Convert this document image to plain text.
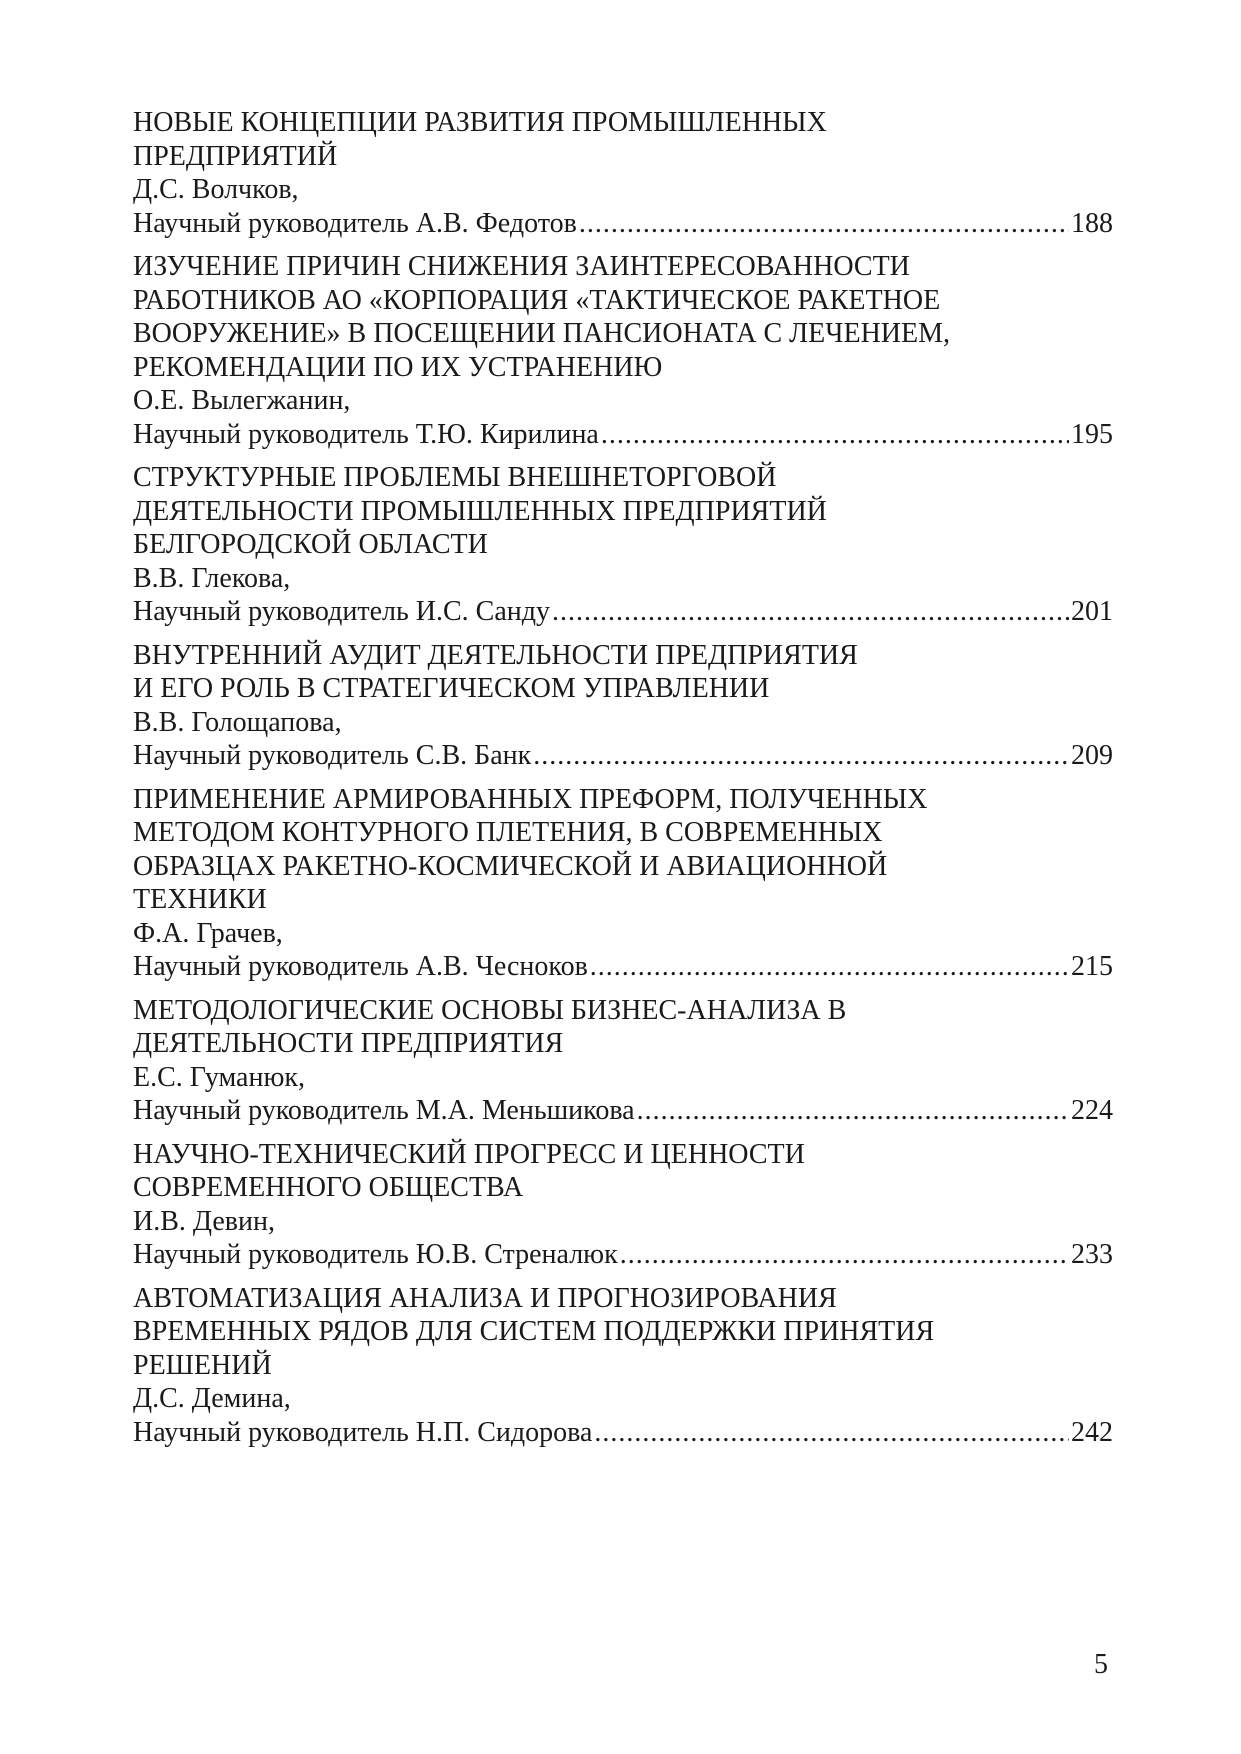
НОВЫЕ КОНЦЕПЦИИ РАЗВИТИЯ ПРОМЫШЛЕННЫХ
ПРЕДПРИЯТИЙ
Д.С. Волчков,
Научный руководитель А.В. Федотов .....	188
ИЗУЧЕНИЕ ПРИЧИН СНИЖЕНИЯ ЗАИНТЕРЕСОВАННОСТИ
РАБОТНИКОВ АО «КОРПОРАЦИЯ «ТАКТИЧЕСКОЕ РАКЕТНОЕ
ВООРУЖЕНИЕ» В ПОСЕЩЕНИИ ПАНСИОНАТА С ЛЕЧЕНИЕМ,
РЕКОМЕНДАЦИИ ПО ИХ УСТРАНЕНИЮ
О.Е. Вылегжанин,
Научный руководитель Т.Ю. Кирилина .....	195
СТРУКТУРНЫЕ ПРОБЛЕМЫ ВНЕШНЕТОРГОВОЙ
ДЕЯТЕЛЬНОСТИ ПРОМЫШЛЕННЫХ ПРЕДПРИЯТИЙ
БЕЛГОРОДСКОЙ ОБЛАСТИ
В.В. Глекова,
Научный руководитель И.С. Санду .....	201
ВНУТРЕННИЙ АУДИТ ДЕЯТЕЛЬНОСТИ ПРЕДПРИЯТИЯ
И ЕГО РОЛЬ В СТРАТЕГИЧЕСКОМ УПРАВЛЕНИИ
В.В. Голощапова,
Научный руководитель С.В. Банк .....	209
ПРИМЕНЕНИЕ АРМИРОВАННЫХ ПРЕФОРМ, ПОЛУЧЕННЫХ
МЕТОДОМ КОНТУРНОГО ПЛЕТЕНИЯ, В СОВРЕМЕННЫХ
ОБРАЗЦАХ РАКЕТНО-КОСМИЧЕСКОЙ И АВИАЦИОННОЙ
ТЕХНИКИ
Ф.А. Грачев,
Научный руководитель А.В. Чесноков .....	215
МЕТОДОЛОГИЧЕСКИЕ ОСНОВЫ БИЗНЕС-АНАЛИЗА В
ДЕЯТЕЛЬНОСТИ ПРЕДПРИЯТИЯ
Е.С. Гуманюк,
Научный руководитель М.А. Меньшикова .....	224
НАУЧНО-ТЕХНИЧЕСКИЙ ПРОГРЕСС И ЦЕННОСТИ
СОВРЕМЕННОГО ОБЩЕСТВА
И.В. Девин,
Научный руководитель Ю.В. Стреналюк .....	233
АВТОМАТИЗАЦИЯ АНАЛИЗА И ПРОГНОЗИРОВАНИЯ
ВРЕМЕННЫХ РЯДОВ ДЛЯ СИСТЕМ ПОДДЕРЖКИ ПРИНЯТИЯ
РЕШЕНИЙ
Д.С. Демина,
Научный руководитель Н.П. Сидорова .....	242
5
